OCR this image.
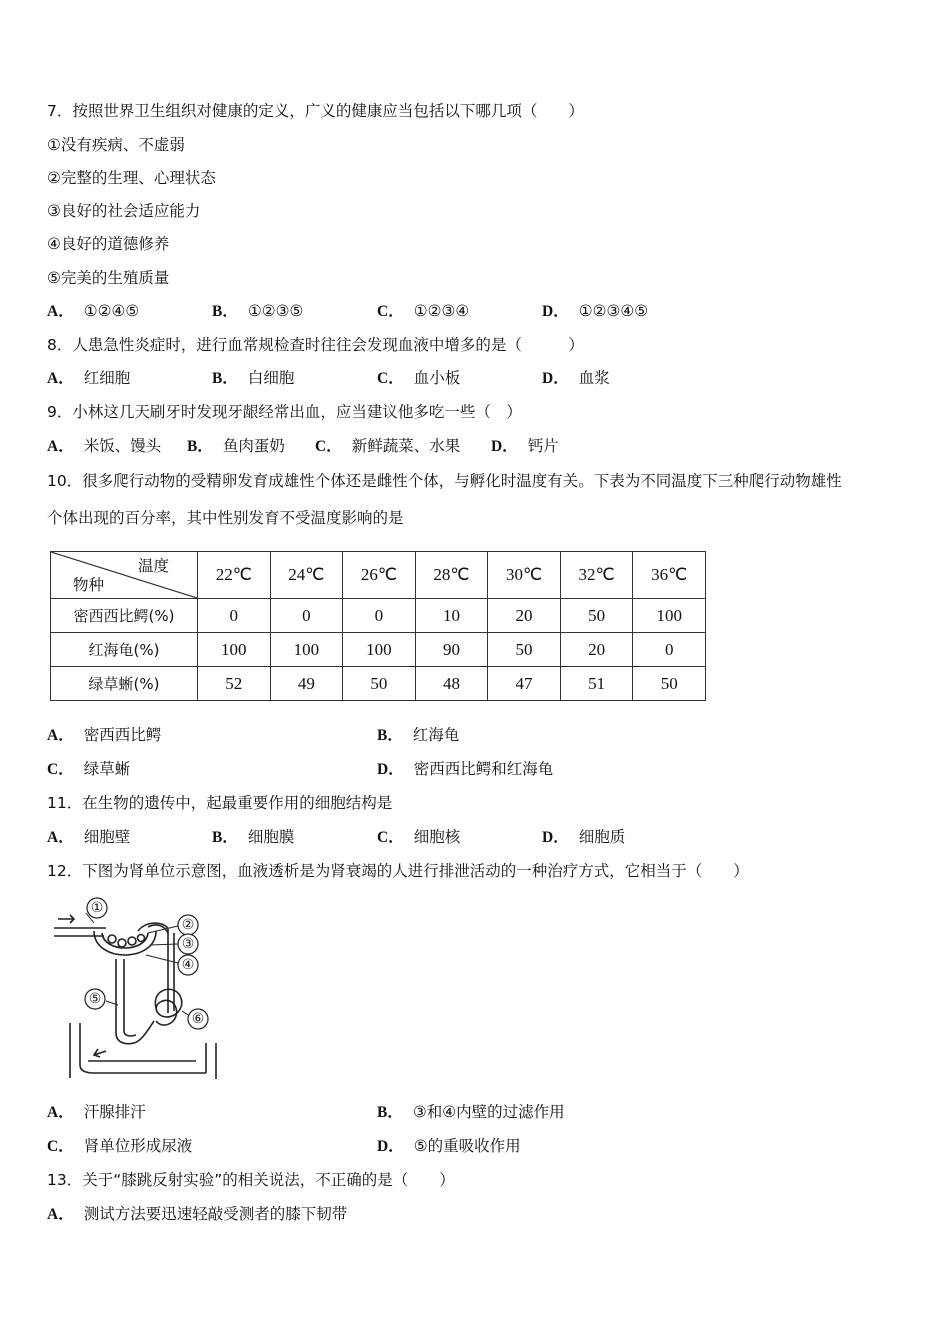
7．按照世界卫生组织对健康的定义，广义的健康应当包括以下哪几项（　　）
①没有疾病、不虚弱
②完整的生理、心理状态
③良好的社会适应能力
④良好的道德修养
⑤完美的生殖质量
A． ①②④⑤	B． ①②③⑤	C． ①②③④	D． ①②③④⑤
8．人患急性炎症时，进行血常规检查时往往会发现血液中增多的是（　　　）
A． 红细胞	B． 白细胞	C． 血小板	D． 血浆
9．小林这几天刷牙时发现牙龈经常出血，应当建议他多吃一些（　）
A． 米饭、馒头 B． 鱼肉蛋奶 C． 新鲜蔬菜、水果 D． 钙片
10．很多爬行动物的受精卵发育成雄性个体还是雌性个体，与孵化时温度有关。下表为不同温度下三种爬行动物雄性
个体出现的百分率，其中性别发育不受温度影响的是
温度
物种	22℃	24℃	26℃	28℃	30℃	32℃	36℃
密西西比鳄(%)	0	0	0	10	20	50	100
红海龟(%)	100	100	100	90	50	20	0
绿草蜥(%)	52	49	50	48	47	51	50
A． 密西西比鳄	B． 红海龟
C． 绿草蜥	D． 密西西比鳄和红海龟
11．在生物的遗传中，起最重要作用的细胞结构是
A． 细胞壁	B． 细胞膜	C． 细胞核	D． 细胞质
12．下图为肾单位示意图，血液透析是为肾衰竭的人进行排泄活动的一种治疗方式，它相当于（　　）
①
②
③
④
⑤
⑥
A． 汗腺排汗	B． ③和④内壁的过滤作用
C． 肾单位形成尿液	D． ⑤的重吸收作用
13．关于“膝跳反射实验”的相关说法，不正确的是（　　）
A． 测试方法要迅速轻敲受测者的膝下韧带
